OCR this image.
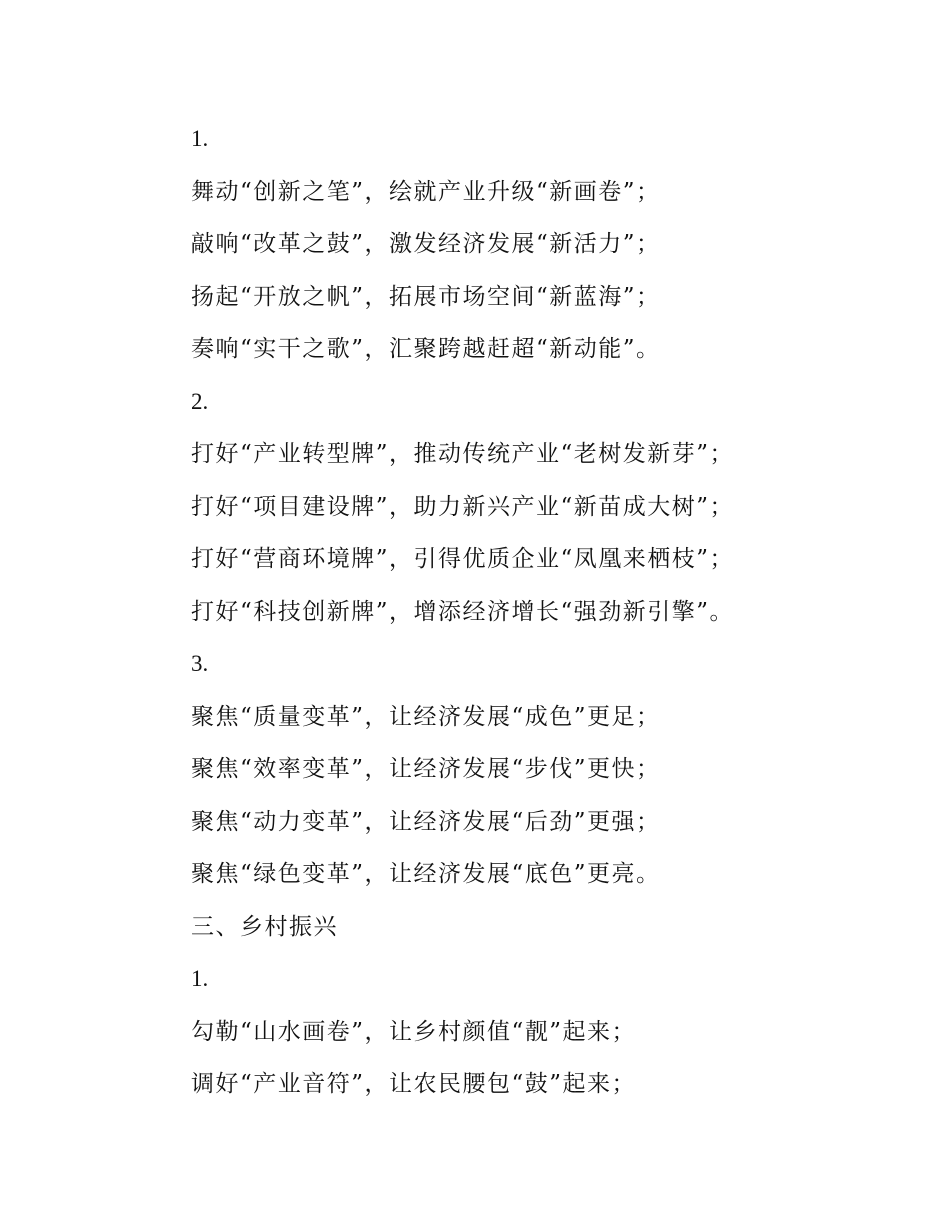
1.
舞动“创新之笔”，绘就产业升级“新画卷”；
敲响“改革之鼓”，激发经济发展“新活力”；
扬起“开放之帆”，拓展市场空间“新蓝海”；
奏响“实干之歌”，汇聚跨越赶超“新动能”。
2.
打好“产业转型牌”，推动传统产业“老树发新芽”；
打好“项目建设牌”，助力新兴产业“新苗成大树”；
打好“营商环境牌”，引得优质企业“凤凰来栖枝”；
打好“科技创新牌”，增添经济增长“强劲新引擎”。
3.
聚焦“质量变革”，让经济发展“成色”更足；
聚焦“效率变革”，让经济发展“步伐”更快；
聚焦“动力变革”，让经济发展“后劲”更强；
聚焦“绿色变革”，让经济发展“底色”更亮。
三、乡村振兴
1.
勾勒“山水画卷”，让乡村颜值“靓”起来；
调好“产业音符”，让农民腰包“鼓”起来；
